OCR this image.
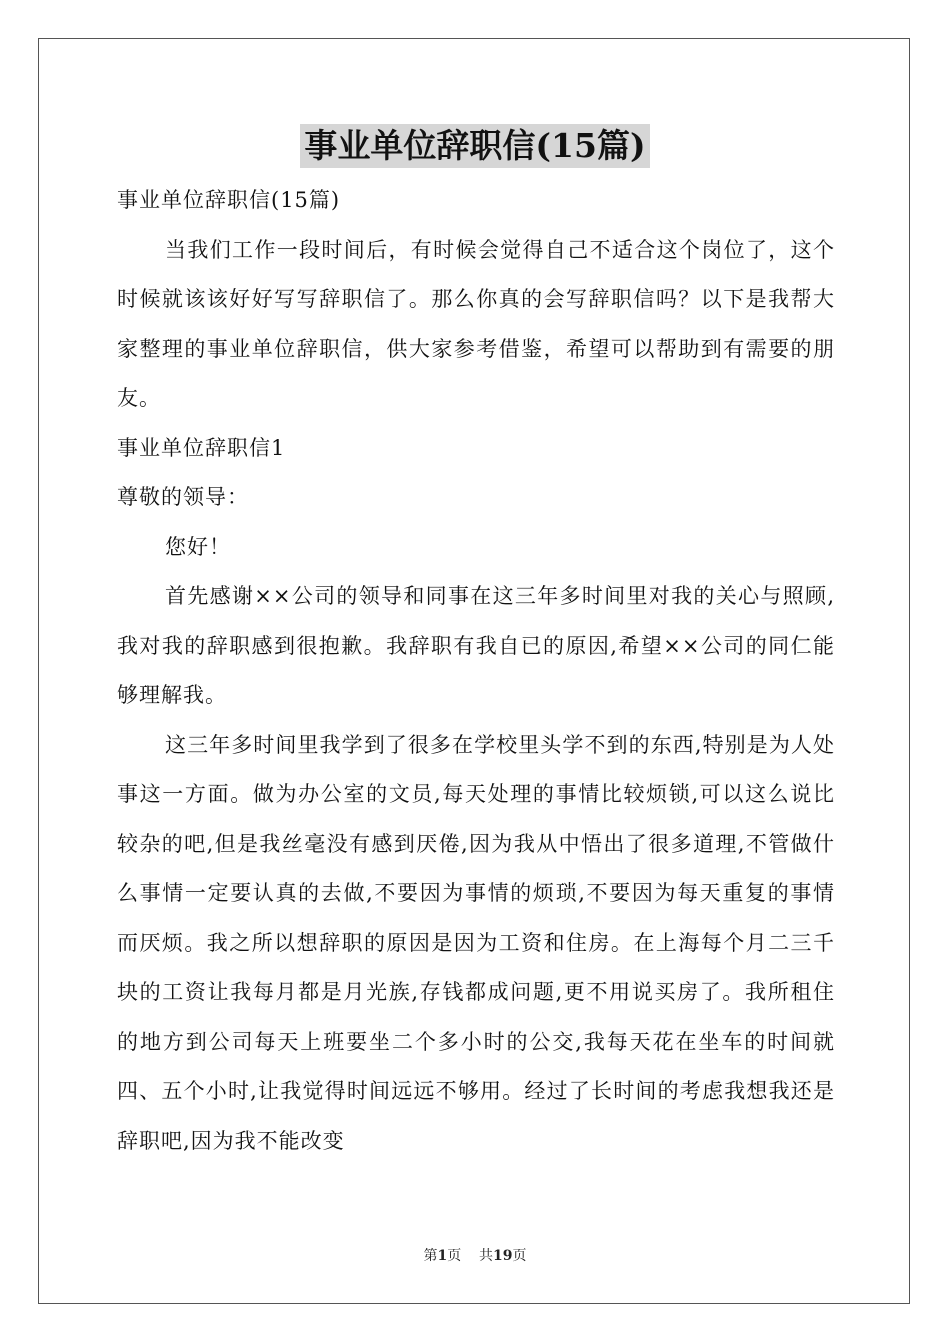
事业单位辞职信(15篇)

事业单位辞职信(15篇)

当我们工作一段时间后，有时候会觉得自己不适合这个岗位了，这个时候就该该好好写写辞职信了。那么你真的会写辞职信吗？以下是我帮大家整理的事业单位辞职信，供大家参考借鉴，希望可以帮助到有需要的朋友。

事业单位辞职信1

尊敬的领导：

您好！

首先感谢××公司的领导和同事在这三年多时间里对我的关心与照顾,我对我的辞职感到很抱歉。我辞职有我自已的原因,希望××公司的同仁能够理解我。

这三年多时间里我学到了很多在学校里头学不到的东西,特别是为人处事这一方面。做为办公室的文员,每天处理的事情比较烦锁,可以这么说比较杂的吧,但是我丝毫没有感到厌倦,因为我从中悟出了很多道理,不管做什么事情一定要认真的去做,不要因为事情的烦琐,不要因为每天重复的事情而厌烦。我之所以想辞职的原因是因为工资和住房。在上海每个月二三千块的工资让我每月都是月光族,存钱都成问题,更不用说买房了。我所租住的地方到公司每天上班要坐二个多小时的公交,我每天花在坐车的时间就四、五个小时,让我觉得时间远远不够用。经过了长时间的考虑我想我还是辞职吧,因为我不能改变

第1页 共19页
